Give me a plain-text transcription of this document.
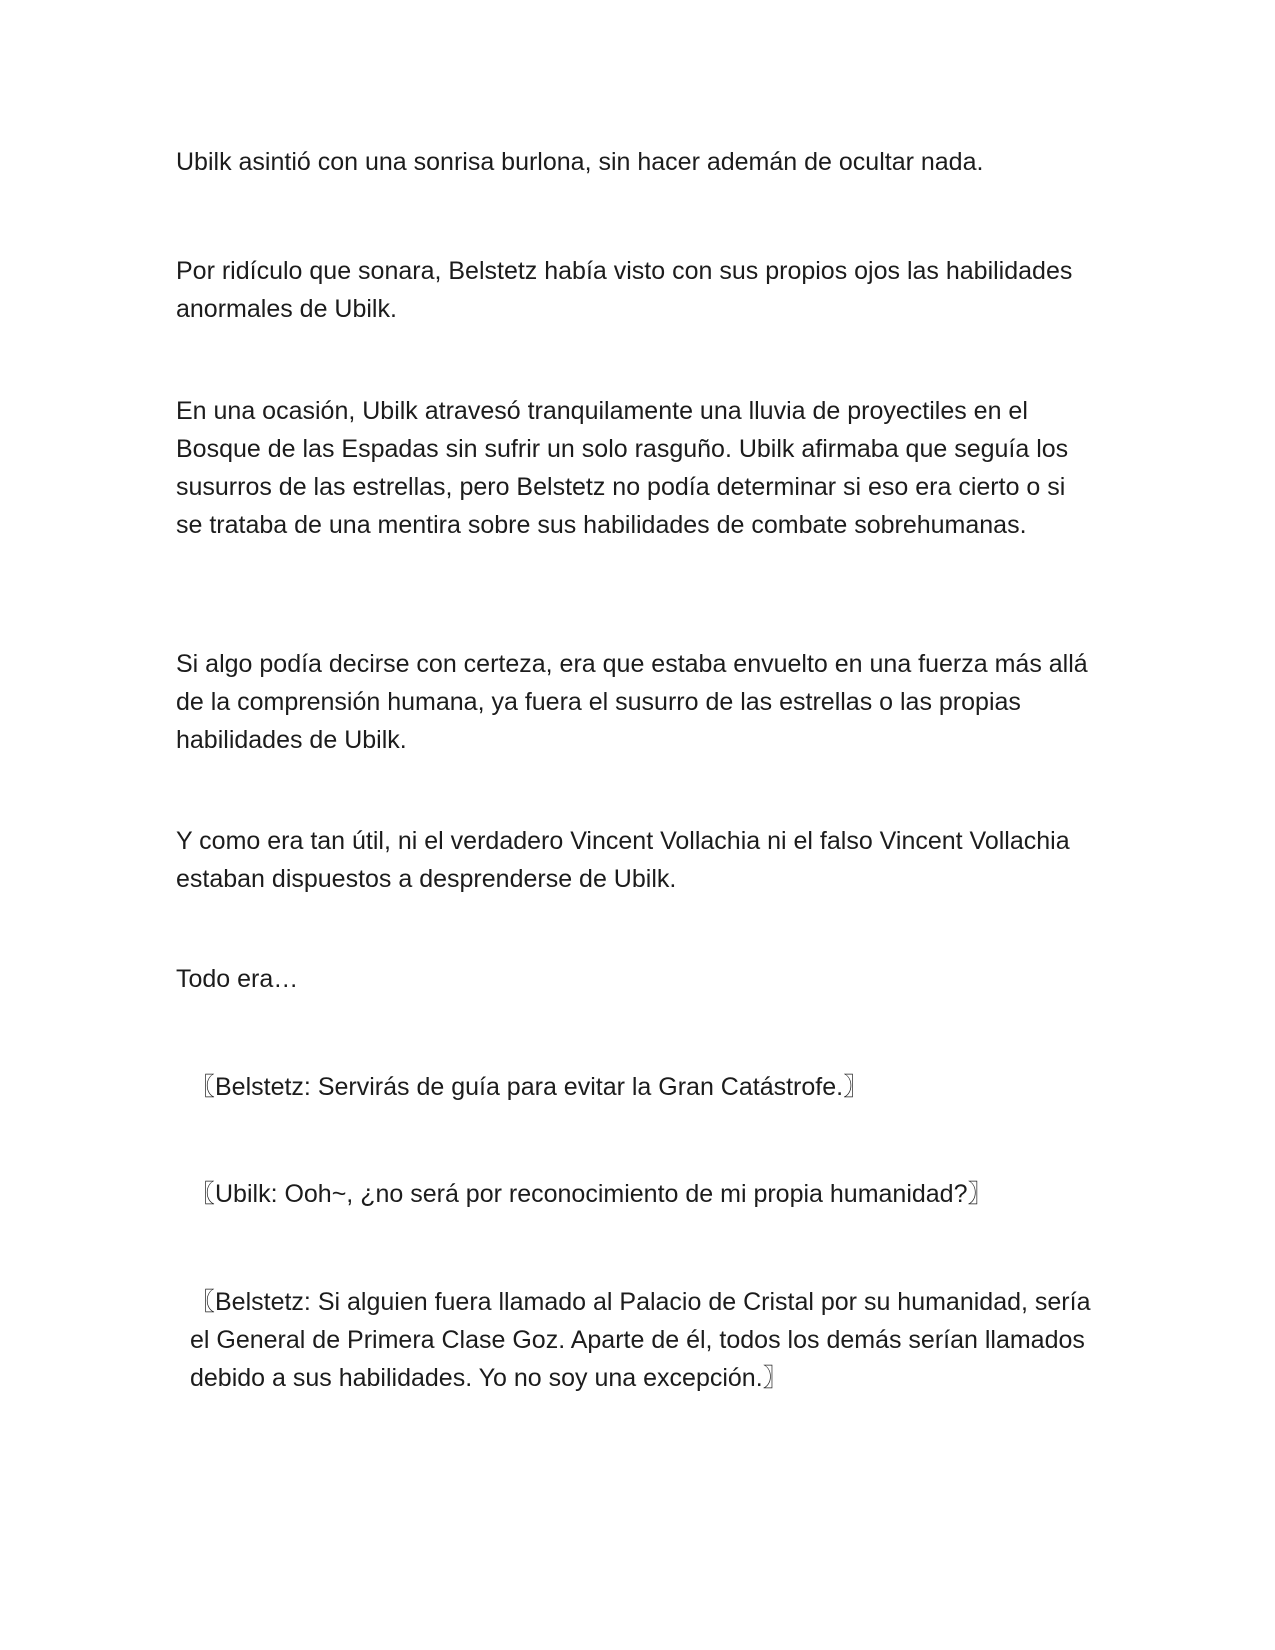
Ubilk asintió con una sonrisa burlona, sin hacer ademán de ocultar nada.

Por ridículo que sonara, Belstetz había visto con sus propios ojos las habilidades anormales de Ubilk.

En una ocasión, Ubilk atravesó tranquilamente una lluvia de proyectiles en el Bosque de las Espadas sin sufrir un solo rasguño. Ubilk afirmaba que seguía los susurros de las estrellas, pero Belstetz no podía determinar si eso era cierto o si se trataba de una mentira sobre sus habilidades de combate sobrehumanas.

Si algo podía decirse con certeza, era que estaba envuelto en una fuerza más allá de la comprensión humana, ya fuera el susurro de las estrellas o las propias habilidades de Ubilk.

Y como era tan útil, ni el verdadero Vincent Vollachia ni el falso Vincent Vollachia estaban dispuestos a desprenderse de Ubilk.

Todo era…

〖Belstetz: Servirás de guía para evitar la Gran Catástrofe.〗

〖Ubilk: Ooh~, ¿no será por reconocimiento de mi propia humanidad?〗

〖Belstetz: Si alguien fuera llamado al Palacio de Cristal por su humanidad, sería el General de Primera Clase Goz. Aparte de él, todos los demás serían llamados debido a sus habilidades. Yo no soy una excepción.〗
